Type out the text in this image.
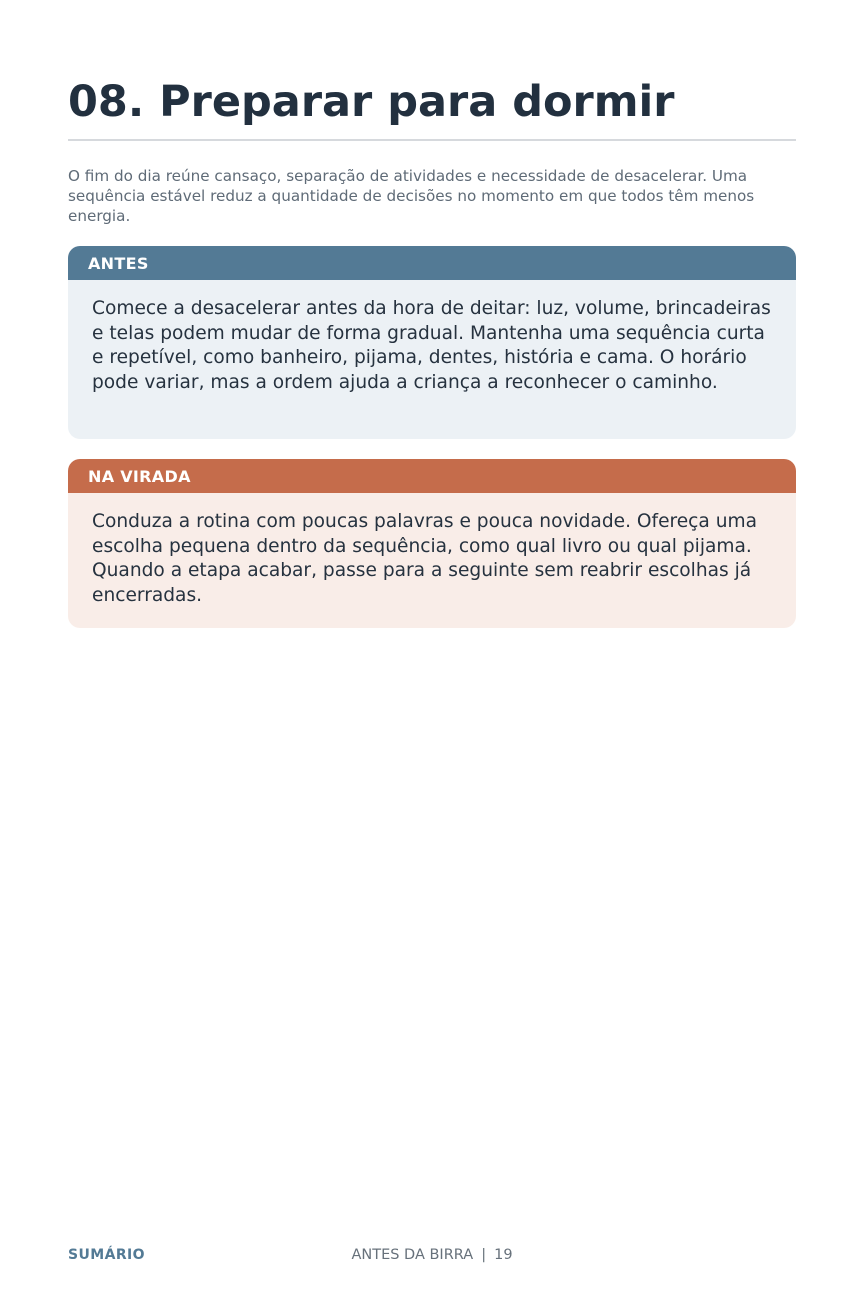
08. Preparar para dormir

O fim do dia reúne cansaço, separação de atividades e necessidade de desacelerar. Uma sequência estável reduz a quantidade de decisões no momento em que todos têm menos energia.

ANTES
Comece a desacelerar antes da hora de deitar: luz, volume, brincadeiras e telas podem mudar de forma gradual. Mantenha uma sequência curta e repetível, como banheiro, pijama, dentes, história e cama. O horário pode variar, mas a ordem ajuda a criança a reconhecer o caminho.
NA VIRADA
Conduza a rotina com poucas palavras e pouca novidade. Ofereça uma escolha pequena dentro da sequência, como qual livro ou qual pijama. Quando a etapa acabar, passe para a seguinte sem reabrir escolhas já encerradas.
SUMÁRIO	ANTES DA BIRRA | 19
